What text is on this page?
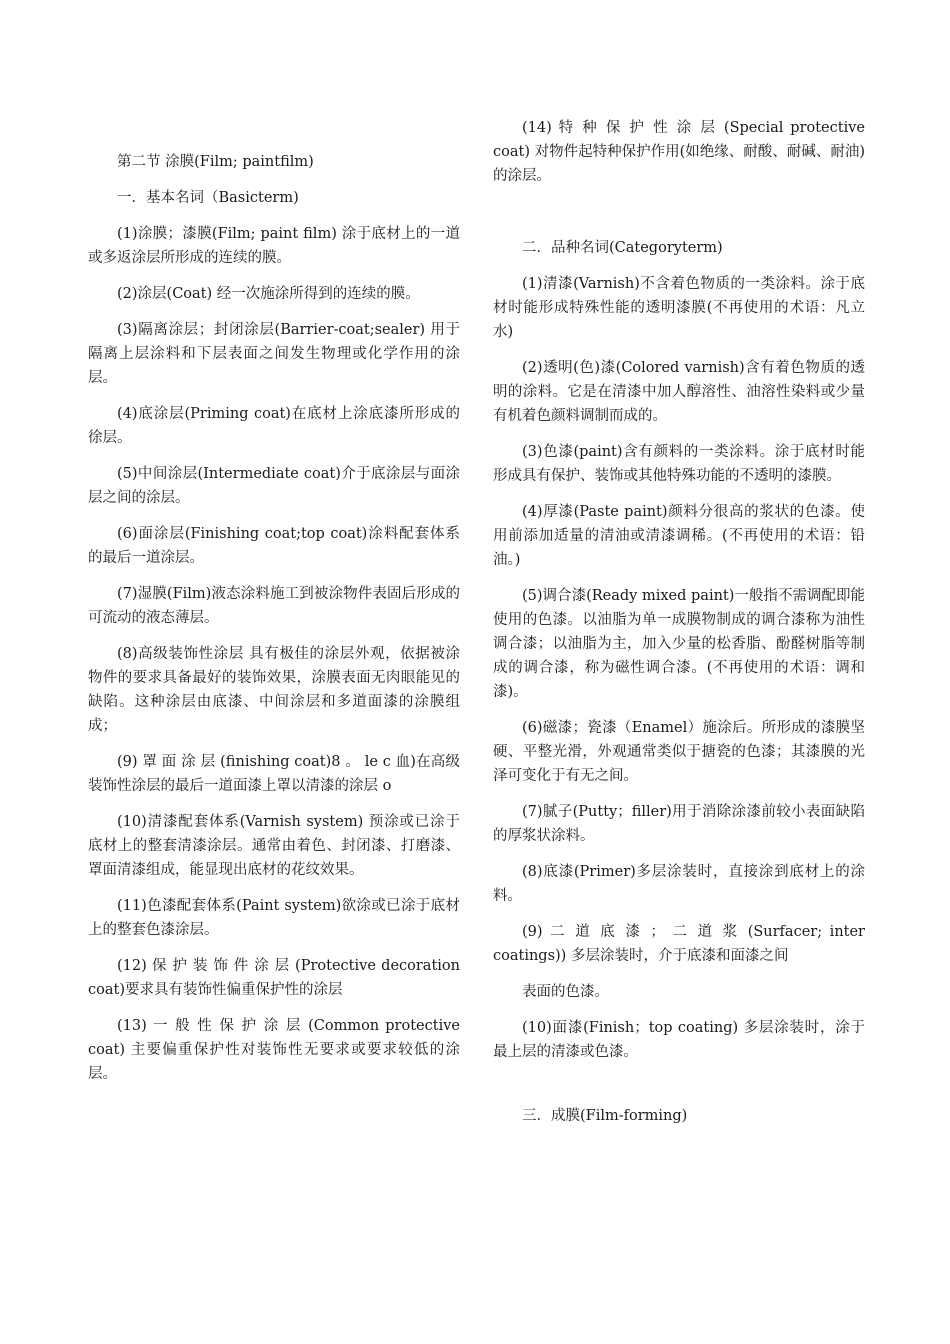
第二节 涂膜(Film; paintfilm)

一．基本名词（Basicterm)

(1)涂膜；漆膜(Film; paint film) 涂于底材上的一道或多返涂层所形成的连续的膜。

(2)涂层(Coat) 经一次施涂所得到的连续的膜。

(3)隔离涂层；封闭涂层(Barrier-coat;sealer) 用于隔离上层涂料和下层表面之间发生物理或化学作用的涂层。

(4)底涂层(Priming coat)在底材上涂底漆所形成的徐层。

(5)中间涂层(Intermediate coat)介于底涂层与面涂层之间的涂层。

(6)面涂层(Finishing coat;top coat)涂料配套体系的最后一道涂层。

(7)湿膜(Film)液态涂料施工到被涂物件表固后形成的可流动的液态薄层。

(8)高级装饰性涂层 具有极佳的涂层外观，依据被涂物件的要求具备最好的装饰效果，涂膜表面无肉眼能见的缺陷。这种涂层由底漆、中间涂层和多道面漆的涂膜组成；

(9) 罩 面 涂 层 (finishing coat)8 。 le c 血)在高级装饰性涂层的最后一道面漆上罩以清漆的涂层 o

(10)清漆配套体系(Varnish system) 预涂或已涂于底材上的整套清漆涂层。通常由着色、封闭漆、打磨漆、罩面清漆组成，能显现出底材的花纹效果。

(11)色漆配套体系(Paint system)欲涂或已涂于底材上的整套色漆涂层。

(12) 保 护 装 饰 件 涂 层 (Protective decoration coat)要求具有装饰性偏重保护性的涂层

(13) 一 般 性 保 护 涂 层 (Common protective coat) 主要偏重保护性对装饰性无要求或要求较低的涂层。

(14) 特 种 保 护 性 涂 层 (Special protective coat) 对物件起特种保护作用(如绝缘、耐酸、耐碱、耐油)的涂层。

二．品种名词(Categoryterm)

(1)清漆(Varnish)不含着色物质的一类涂料。涂于底材时能形成特殊性能的透明漆膜(不再使用的术语：凡立水)

(2)透明(色)漆(Colored varnish)含有着色物质的透明的涂料。它是在清漆中加人醇溶性、油溶性染料或少量有机着色颜料调制而成的。

(3)色漆(paint)含有颜料的一类涂料。涂于底材时能形成具有保护、装饰或其他特殊功能的不透明的漆膜。

(4)厚漆(Paste paint)颜料分很高的浆状的色漆。使用前添加适量的清油或清漆调稀。(不再使用的术语：铅油。)

(5)调合漆(Ready mixed paint)一般指不需调配即能使用的色漆。以油脂为单一成膜物制成的调合漆称为油性调合漆；以油脂为主，加入少量的松香脂、酚醛树脂等制成的调合漆，称为磁性调合漆。(不再使用的术语：调和漆)。

(6)磁漆；瓷漆（Enamel）施涂后。所形成的漆膜坚硬、平整光滑，外观通常类似于搪瓷的色漆；其漆膜的光泽可变化于有无之间。

(7)腻子(Putty；filler)用于消除涂漆前较小表面缺陷的厚浆状涂料。

(8)底漆(Primer)多层涂装时，直接涂到底材上的涂料。

(9) 二 道 底 漆 ； 二 道 浆 (Surfacer; inter coatings)) 多层涂装时，介于底漆和面漆之间

表面的色漆。

(10)面漆(Finish；top coating) 多层涂装时，涂于最上层的清漆或色漆。

三．成膜(Film-forming)
